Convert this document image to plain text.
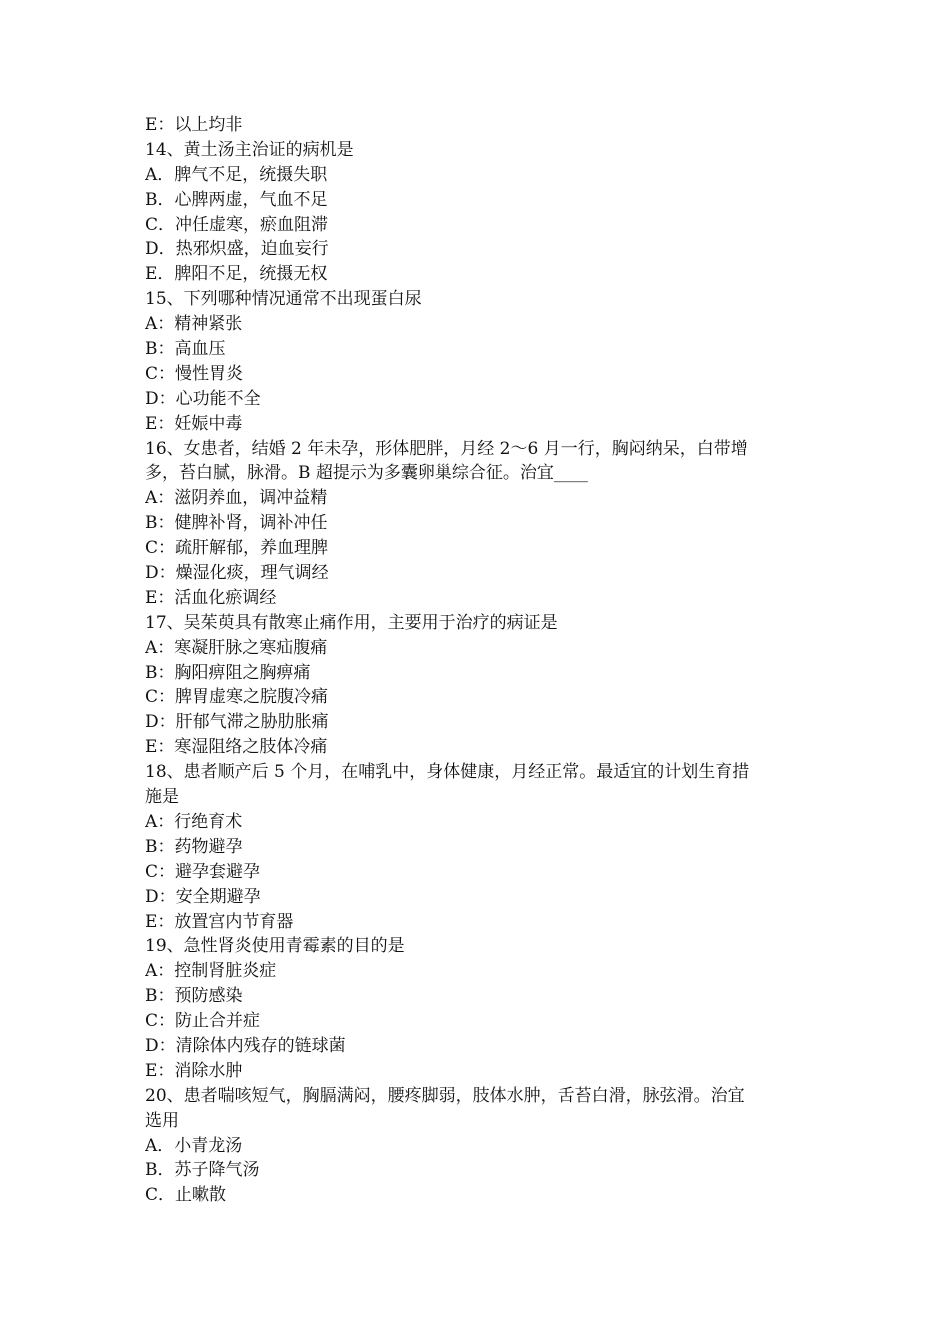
E：以上均非
14、黄土汤主治证的病机是
A．脾气不足，统摄失职
B．心脾两虚，气血不足
C．冲任虚寒，瘀血阻滞
D．热邪炽盛，迫血妄行
E．脾阳不足，统摄无权
15、下列哪种情况通常不出现蛋白尿
A：精神紧张
B：高血压
C：慢性胃炎
D：心功能不全
E：妊娠中毒
16、女患者，结婚 2 年未孕，形体肥胖，月经 2～6 月一行，胸闷纳呆，白带增
多，苔白腻，脉滑。B 超提示为多囊卵巢综合征。治宜____
A：滋阴养血，调冲益精
B：健脾补肾，调补冲任
C：疏肝解郁，养血理脾
D：燥湿化痰，理气调经
E：活血化瘀调经
17、吴茱萸具有散寒止痛作用，主要用于治疗的病证是
A：寒凝肝脉之寒疝腹痛
B：胸阳痹阻之胸痹痛
C：脾胃虚寒之脘腹冷痛
D：肝郁气滞之胁肋胀痛
E：寒湿阻络之肢体冷痛
18、患者顺产后 5 个月，在哺乳中，身体健康，月经正常。最适宜的计划生育措
施是
A：行绝育术
B：药物避孕
C：避孕套避孕
D：安全期避孕
E：放置宫内节育器
19、急性肾炎使用青霉素的目的是
A：控制肾脏炎症
B：预防感染
C：防止合并症
D：清除体内残存的链球菌
E：消除水肿
20、患者喘咳短气，胸膈满闷，腰疼脚弱，肢体水肿，舌苔白滑，脉弦滑。治宜
选用
A．小青龙汤
B．苏子降气汤
C．止嗽散
